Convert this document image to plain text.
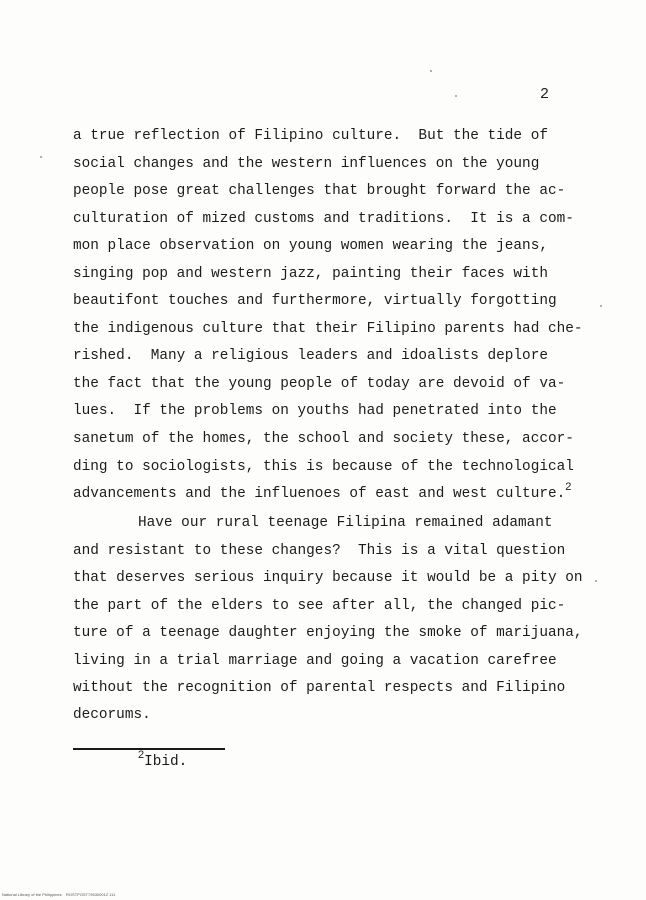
2
a true reflection of Filipino culture.  But the tide of
social changes and the western influences on the young
people pose great challenges that brought forward the ac-
culturation of mized customs and traditions.  It is a com-
mon place observation on young women wearing the jeans,
singing pop and western jazz, painting their faces with
beautifont touches and furthermore, virtually forgotting
the indigenous culture that their Filipino parents had che-
rished.  Many a religious leaders and idoalists deplore
the fact that the young people of today are devoid of va-
lues.  If the problems on youths had penetrated into the
sanetum of the homes, the school and society these, accor-
ding to sociologists, this is because of the technological
advancements and the influenoes of east and west culture.$^2$
Have our rural teenage Filipina remained adamant
and resistant to these changes?  This is a vital question
that deserves serious inquiry because it would be a pity on
the part of the elders to see after all, the changed pic-
ture of a teenage daughter enjoying the smoke of marijuana,
living in a trial marriage and going a vacation carefree
without the recognition of parental respects and Filipino
decorums.
$^2$Ibid.
National Library of the Philippines    ROSTPOST795300012 111
